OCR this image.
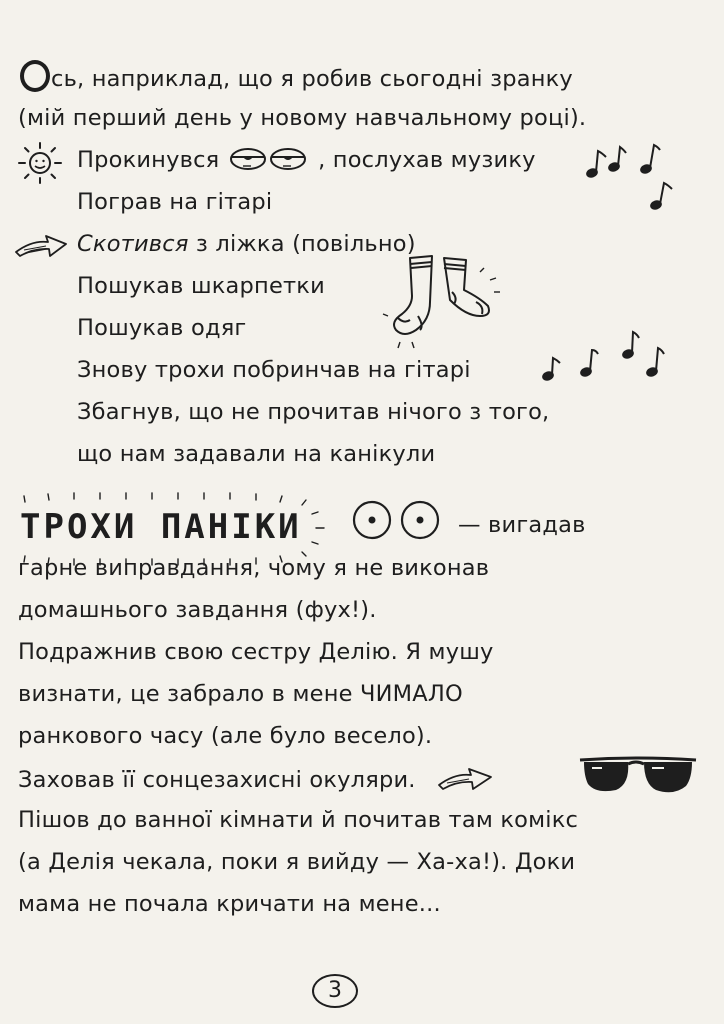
сь, наприклад, що я робив сьогодні зранку
(мій перший день у новому навчальному році).
Прокинувся	, послухав музику
Пограв на гітарі
Скотився з ліжка (повільно)
Пошукав шкарпетки
Пошукав одяг
Знову трохи побринчав на гітарі
Збагнув, що не прочитав нічого з того,
що нам задавали на канікули
ТРОХИ ПАНІКИ	— вигадав
гарне виправдання, чому я не виконав
домашнього завдання (фух!).
Подражнив свою сестру Делію. Я мушу
визнати, це забрало в мене ЧИМАЛО
ранкового часу (але було весело).
Заховав її сонцезахисні окуляри.
Пішов до ванної кімнати й почитав там комікс
(а Делія чекала, поки я вийду — Ха-ха!). Доки
мама не почала кричати на мене...
3
